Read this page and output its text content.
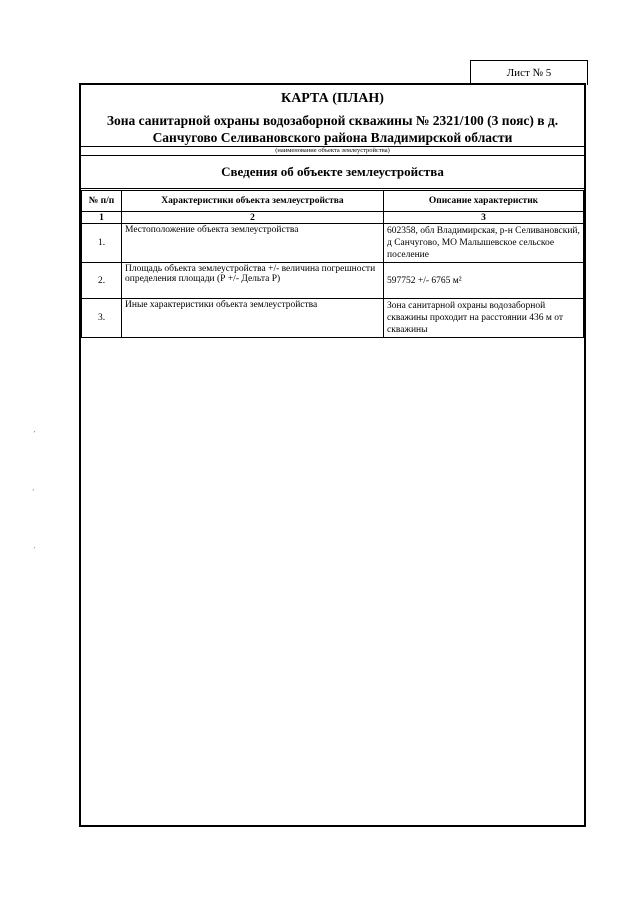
Лист № 5
КАРТА (ПЛАН)
Зона санитарной охраны водозаборной скважины № 2321/100 (3 пояс) в д.
Санчугово Селивановского района Владимирской области
(наименование объекта землеустройства)
Сведения об объекте землеустройства
№ п/п	Характеристики объекта землеустройства	Описание характеристик
1	2	3
1.	Местоположение объекта землеустройства	602358, обл Владимирская, р-н Селивановский, д Санчугово, МО Малышевское сельское поселение
2.	Площадь объекта землеустройства +/- величина погрешности определения площади (Р +/- Дельта Р)	597752 +/- 6765 м²
3.	Иные характеристики объекта землеустройства	Зона санитарной охраны водозаборной скважины проходит на расстоянии 436 м от скважины
ˊ
ˊ
ˊ
